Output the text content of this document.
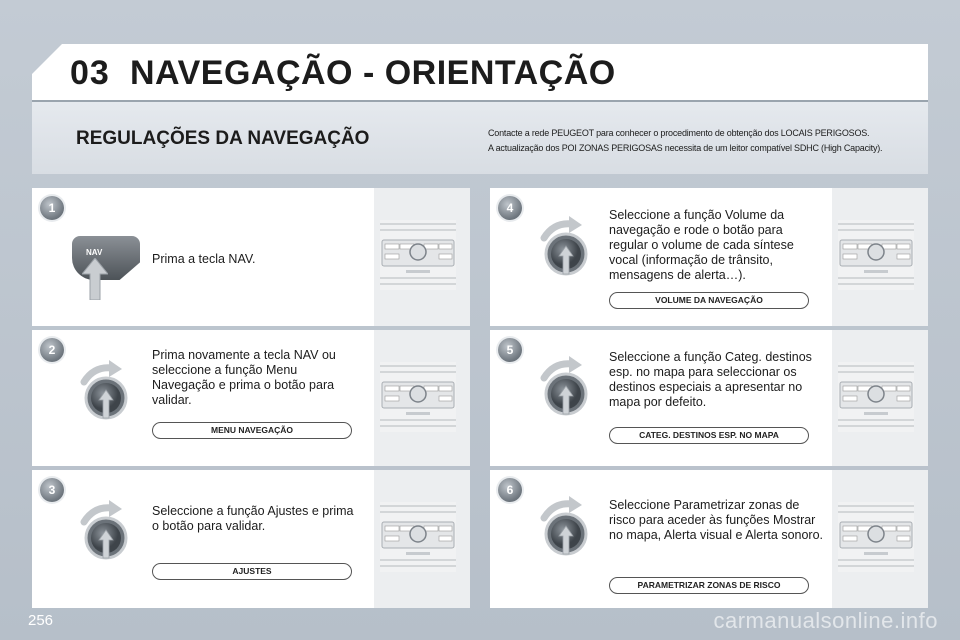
03 NAVEGAÇÃO - ORIENTAÇÃO
REGULAÇÕES DA NAVEGAÇÃO	Contacte a rede PEUGEOT para conhecer o procedimento de obtenção dos LOCAIS PERIGOSOS.

A actualização dos POI ZONAS PERIGOSAS necessita de um leitor compatível SDHC (High Capacity).

1
NAV	Prima a tecla NAV.
2	Prima novamente a tecla NAV ou seleccione a função Menu Navegação e prima o botão para validar.
MENU NAVEGAÇÃO
3
Seleccione a função Ajustes e prima o botão para validar.
AJUSTES
4	Seleccione a função Volume da navegação e rode o botão para regular o volume de cada síntese vocal (informação de trânsito, mensagens de alerta…).
VOLUME DA NAVEGAÇÃO
5	Seleccione a função Categ. destinos esp. no mapa para seleccionar os destinos especiais a apresentar no mapa por defeito.
CATEG. DESTINOS ESP. NO MAPA
6
Seleccione Parametrizar zonas de risco para aceder às funções Mostrar no mapa, Alerta visual e Alerta sonoro.
PARAMETRIZAR ZONAS DE RISCO
256	carmanualsonline.info
